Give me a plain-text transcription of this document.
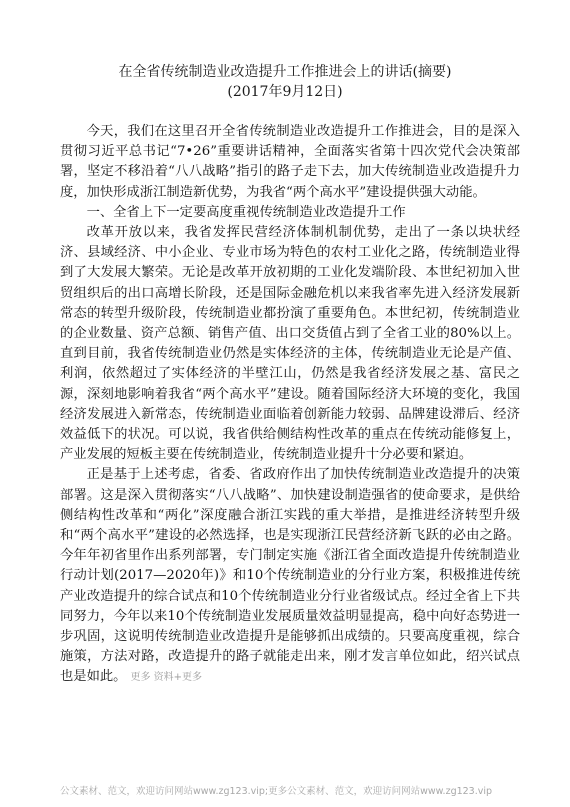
在全省传统制造业改造提升工作推进会上的讲话(摘要)
(2017年9月12日)

今天，我们在这里召开全省传统制造业改造提升工作推进会，目的是深入贯彻习近平总书记“7•26”重要讲话精神，全面落实省第十四次党代会决策部署，坚定不移沿着“八八战略”指引的路子走下去，加大传统制造业改造提升力度，加快形成浙江制造新优势，为我省“两个高水平”建设提供强大动能。

一、全省上下一定要高度重视传统制造业改造提升工作

改革开放以来，我省发挥民营经济体制机制优势，走出了一条以块状经济、县域经济、中小企业、专业市场为特色的农村工业化之路，传统制造业得到了大发展大繁荣。无论是改革开放初期的工业化发端阶段、本世纪初加入世贸组织后的出口高增长阶段，还是国际金融危机以来我省率先进入经济发展新常态的转型升级阶段，传统制造业都扮演了重要角色。本世纪初，传统制造业的企业数量、资产总额、销售产值、出口交货值占到了全省工业的80%以上。直到目前，我省传统制造业仍然是实体经济的主体，传统制造业无论是产值、利润，依然超过了实体经济的半壁江山，仍然是我省经济发展之基、富民之源，深刻地影响着我省“两个高水平”建设。随着国际经济大环境的变化，我国经济发展进入新常态，传统制造业面临着创新能力较弱、品牌建设滞后、经济效益低下的状况。可以说，我省供给侧结构性改革的重点在传统动能修复上，产业发展的短板主要在传统制造业，传统制造业提升十分必要和紧迫。

正是基于上述考虑，省委、省政府作出了加快传统制造业改造提升的决策部署。这是深入贯彻落实“八八战略”、加快建设制造强省的使命要求，是供给侧结构性改革和“两化”深度融合浙江实践的重大举措，是推进经济转型升级和“两个高水平”建设的必然选择，也是实现浙江民营经济新飞跃的必由之路。今年年初省里作出系列部署，专门制定实施《浙江省全面改造提升传统制造业行动计划(2017—2020年)》和10个传统制造业的分行业方案，积极推进传统产业改造提升的综合试点和10个传统制造业分行业省级试点。经过全省上下共同努力，今年以来10个传统制造业发展质量效益明显提高，稳中向好态势进一步巩固，这说明传统制造业改造提升是能够抓出成绩的。只要高度重视，综合施策，方法对路，改造提升的路子就能走出来，刚才发言单位如此，绍兴试点也是如此。 更多 资料+更多

公文素材、范文，欢迎访问网站www.zg123.vip;更多公文素材、范文，欢迎访问网站www.zg123.vip
